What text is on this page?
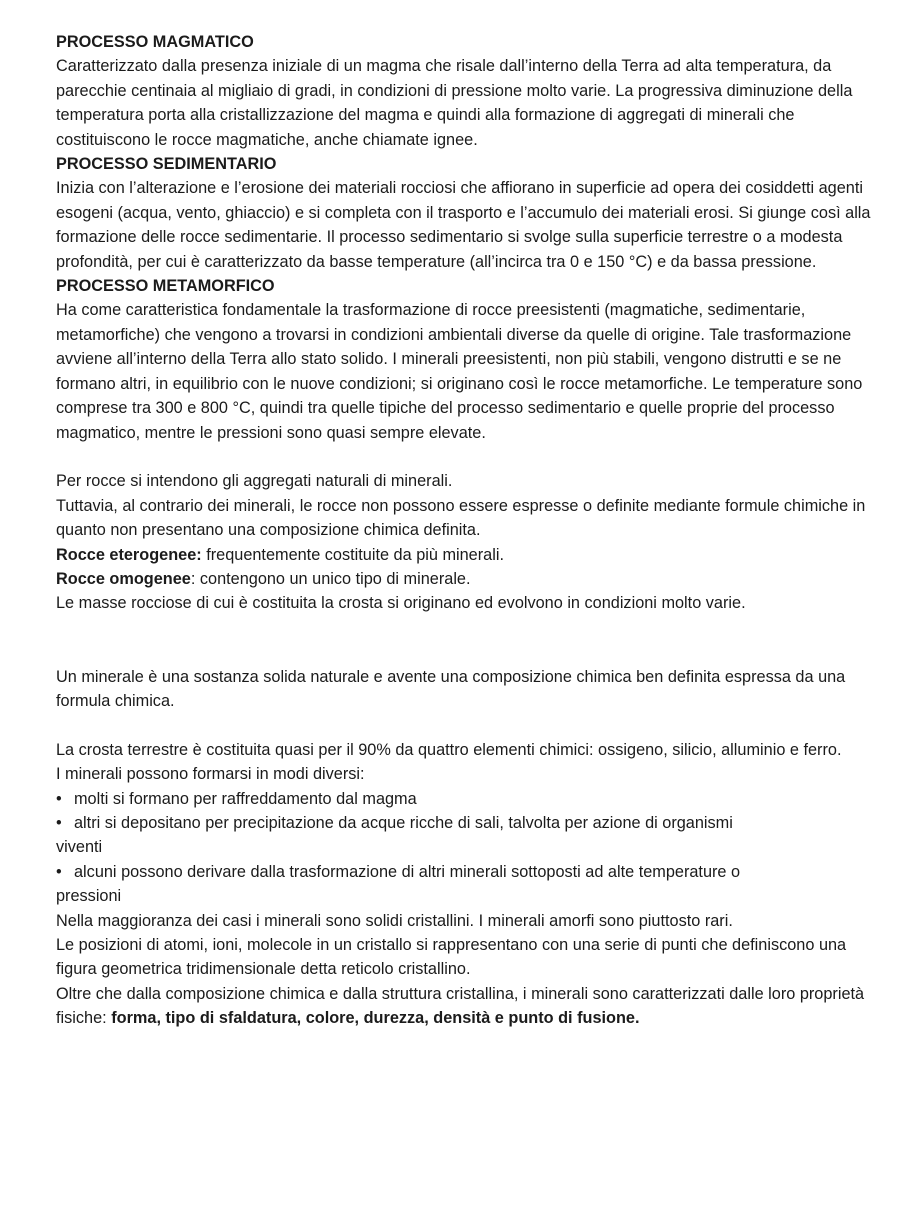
PROCESSO MAGMATICO

Caratterizzato dalla presenza iniziale di un magma che risale dall’interno della Terra ad alta temperatura, da parecchie centinaia al migliaio di gradi, in condizioni di pressione molto varie. La progressiva diminuzione della temperatura porta alla cristallizzazione del magma e quindi alla formazione di aggregati di minerali che costituiscono le rocce magmatiche, anche chiamate ignee.

PROCESSO SEDIMENTARIO

Inizia con l’alterazione e l’erosione dei materiali rocciosi che affiorano in superficie ad opera dei cosiddetti agenti esogeni (acqua, vento, ghiaccio) e si completa con il trasporto e l’accumulo dei materiali erosi. Si giunge così alla formazione delle rocce sedimentarie. Il processo sedimentario si svolge sulla superficie terrestre o a modesta profondità, per cui è caratterizzato da basse temperature (all’incirca tra 0 e 150 °C) e da bassa pressione.

PROCESSO METAMORFICO

Ha come caratteristica fondamentale la trasformazione di rocce preesistenti (magmatiche, sedimentarie, metamorfiche) che vengono a trovarsi in condizioni ambientali diverse da quelle di origine. Tale trasformazione avviene all’interno della Terra allo stato solido. I minerali preesistenti, non più stabili, vengono distrutti e se ne formano altri, in equilibrio con le nuove condizioni; si originano così le rocce metamorfiche. Le temperature sono comprese tra 300 e 800 °C, quindi tra quelle tipiche del processo sedimentario e quelle proprie del processo magmatico, mentre le pressioni sono quasi sempre elevate.

Per rocce si intendono gli aggregati naturali di minerali.

Tuttavia, al contrario dei minerali, le rocce non possono essere espresse o definite mediante formule chimiche in quanto non presentano una composizione chimica definita.

Rocce eterogenee: frequentemente costituite da più minerali.

Rocce omogenee: contengono un unico tipo di minerale.

Le masse rocciose di cui è costituita la crosta si originano ed evolvono in condizioni molto varie.

Un minerale è una sostanza solida naturale e avente una composizione chimica ben definita espressa da una formula chimica.

La crosta terrestre è costituita quasi per il 90% da quattro elementi chimici: ossigeno, silicio, alluminio e ferro.

I minerali possono formarsi in modi diversi:

• molti si formano per raffreddamento dal magma

• altri si depositano per precipitazione da acque ricche di sali, talvolta per azione di organismi
viventi

• alcuni possono derivare dalla trasformazione di altri minerali sottoposti ad alte temperature o
pressioni

Nella maggioranza dei casi i minerali sono solidi cristallini. I minerali amorfi sono piuttosto rari.

Le posizioni di atomi, ioni, molecole in un cristallo si rappresentano con una serie di punti che definiscono una figura geometrica tridimensionale detta reticolo cristallino.

Oltre che dalla composizione chimica e dalla struttura cristallina, i minerali sono caratterizzati dalle loro proprietà fisiche: forma, tipo di sfaldatura, colore, durezza, densità e punto di fusione.
